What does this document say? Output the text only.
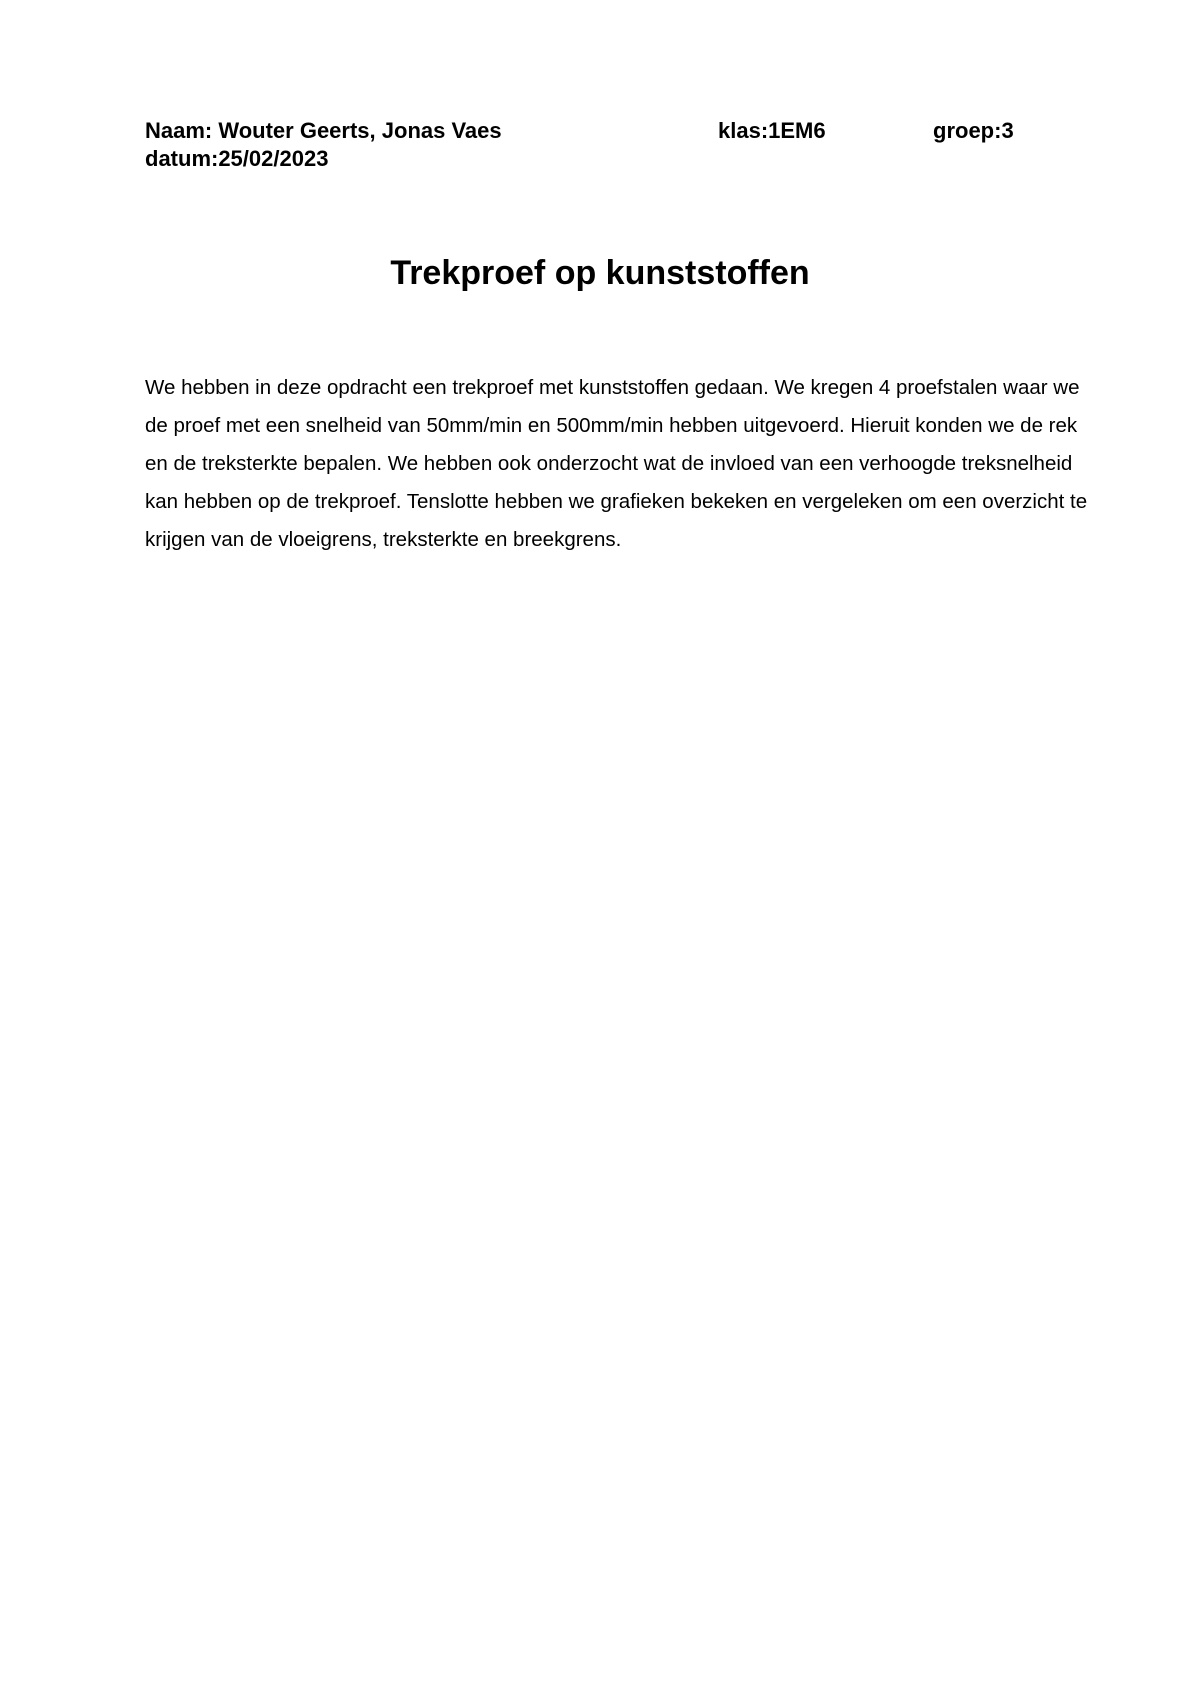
Naam: Wouter Geerts, Jonas Vaes	klas:1EM6	groep:3
datum:25/02/2023
Trekproef op kunststoffen

We hebben in deze opdracht een trekproef met kunststoffen gedaan. We kregen 4 proefstalen waar we de proef met een snelheid van 50mm/min en 500mm/min hebben uitgevoerd. Hieruit konden we de rek en de treksterkte bepalen. We hebben ook onderzocht wat de invloed van een verhoogde treksnelheid kan hebben op de trekproef. Tenslotte hebben we grafieken bekeken en vergeleken om een overzicht te krijgen van de vloeigrens, treksterkte en breekgrens.
